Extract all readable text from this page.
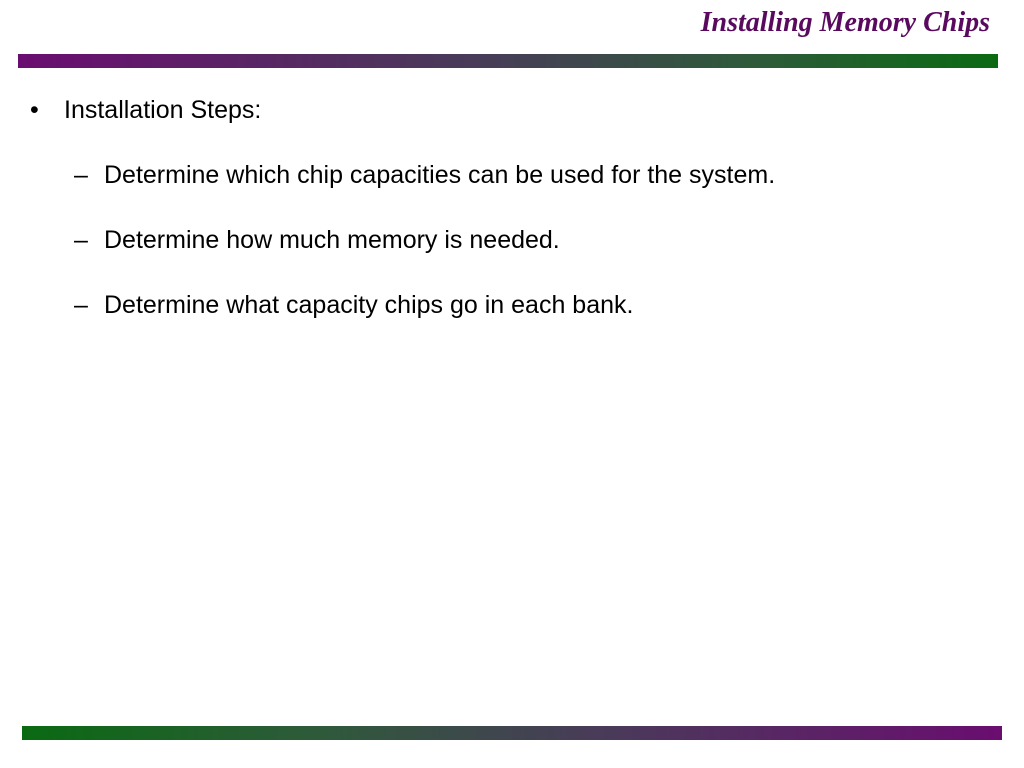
Installing Memory Chips
• Installation Steps:
– Determine which chip capacities can be used for the system.
– Determine how much memory is needed.
– Determine what capacity chips go in each bank.
